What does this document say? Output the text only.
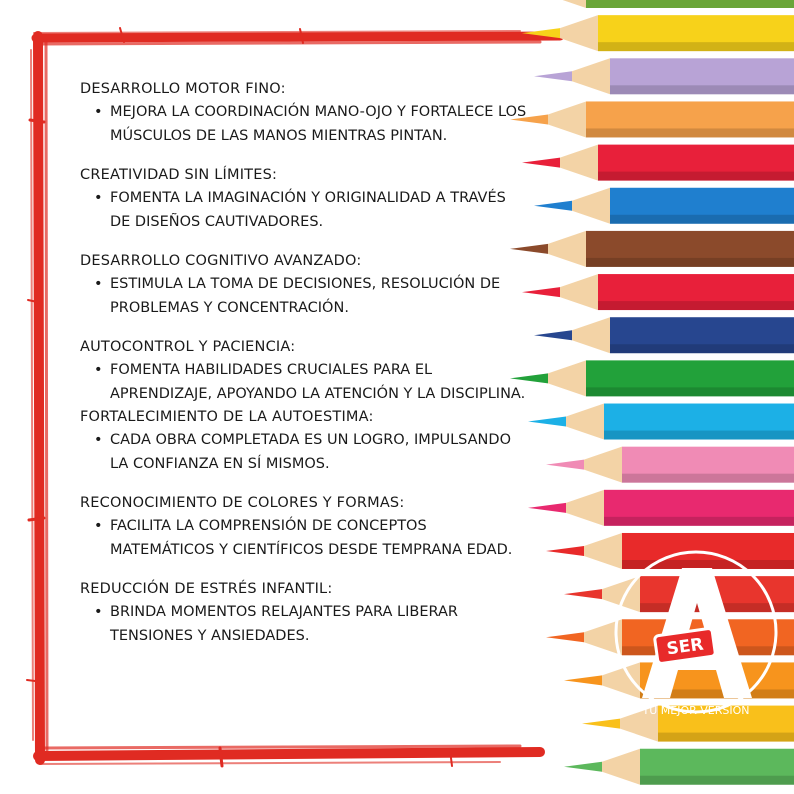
DESARROLLO MOTOR FINO:

• MEJORA LA COORDINACIÓN MANO-OJO Y FORTALECE LOS MÚSCULOS DE LAS MANOS MIENTRAS PINTAN.

CREATIVIDAD SIN LÍMITES:

• FOMENTA LA IMAGINACIÓN Y ORIGINALIDAD A TRAVÉS DE DISEÑOS CAUTIVADORES.

DESARROLLO COGNITIVO AVANZADO:

• ESTIMULA LA TOMA DE DECISIONES, RESOLUCIÓN DE PROBLEMAS Y CONCENTRACIÓN.

AUTOCONTROL Y PACIENCIA:

• FOMENTA HABILIDADES CRUCIALES PARA EL APRENDIZAJE, APOYANDO LA ATENCIÓN Y LA DISCIPLINA.

FORTALECIMIENTO DE LA AUTOESTIMA:

• CADA OBRA COMPLETADA ES UN LOGRO, IMPULSANDO LA CONFIANZA EN SÍ MISMOS.

RECONOCIMIENTO DE COLORES Y FORMAS:

• FACILITA LA COMPRENSIÓN DE CONCEPTOS MATEMÁTICOS Y CIENTÍFICOS DESDE TEMPRANA EDAD.

REDUCCIÓN DE ESTRÉS INFANTIL:

• BRINDA MOMENTOS RELAJANTES PARA LIBERAR TENSIONES Y ANSIEDADES.	SER
TU MEJOR VERSIÓN
